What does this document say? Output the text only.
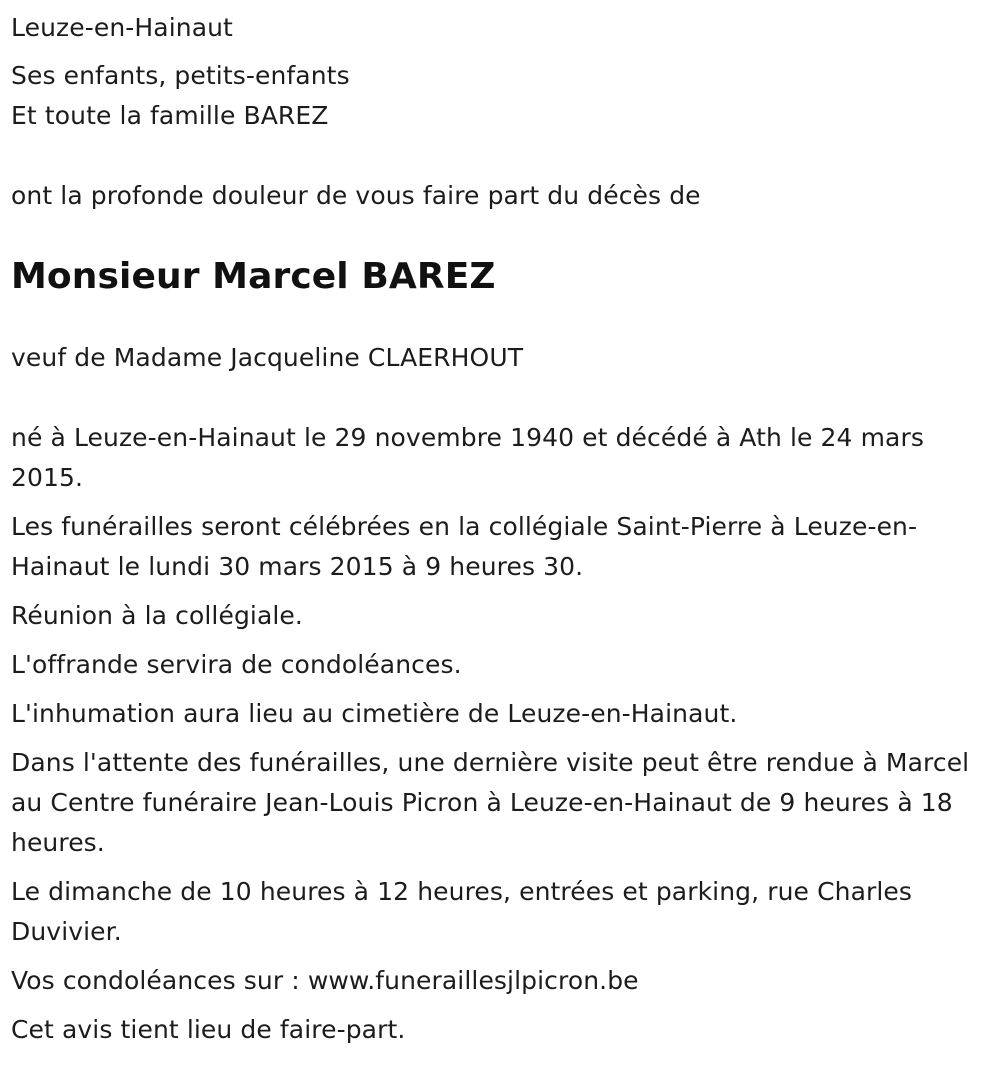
Leuze-en-Hainaut

Ses enfants, petits-enfants

Et toute la famille BAREZ

ont la profonde douleur de vous faire part du décès de

Monsieur Marcel BAREZ

veuf de Madame Jacqueline CLAERHOUT

né à Leuze-en-Hainaut le 29 novembre 1940 et décédé à Ath le 24 mars 2015.

Les funérailles seront célébrées en la collégiale Saint-Pierre à Leuze-en-Hainaut le lundi 30 mars 2015 à 9 heures 30.

Réunion à la collégiale.

L'offrande servira de condoléances.

L'inhumation aura lieu au cimetière de Leuze-en-Hainaut.

Dans l'attente des funérailles, une dernière visite peut être rendue à Marcel au Centre funéraire Jean-Louis Picron à Leuze-en-Hainaut de 9 heures à 18 heures.

Le dimanche de 10 heures à 12 heures, entrées et parking, rue Charles Duvivier.

Vos condoléances sur : www.funeraillesjlpicron.be

Cet avis tient lieu de faire-part.
